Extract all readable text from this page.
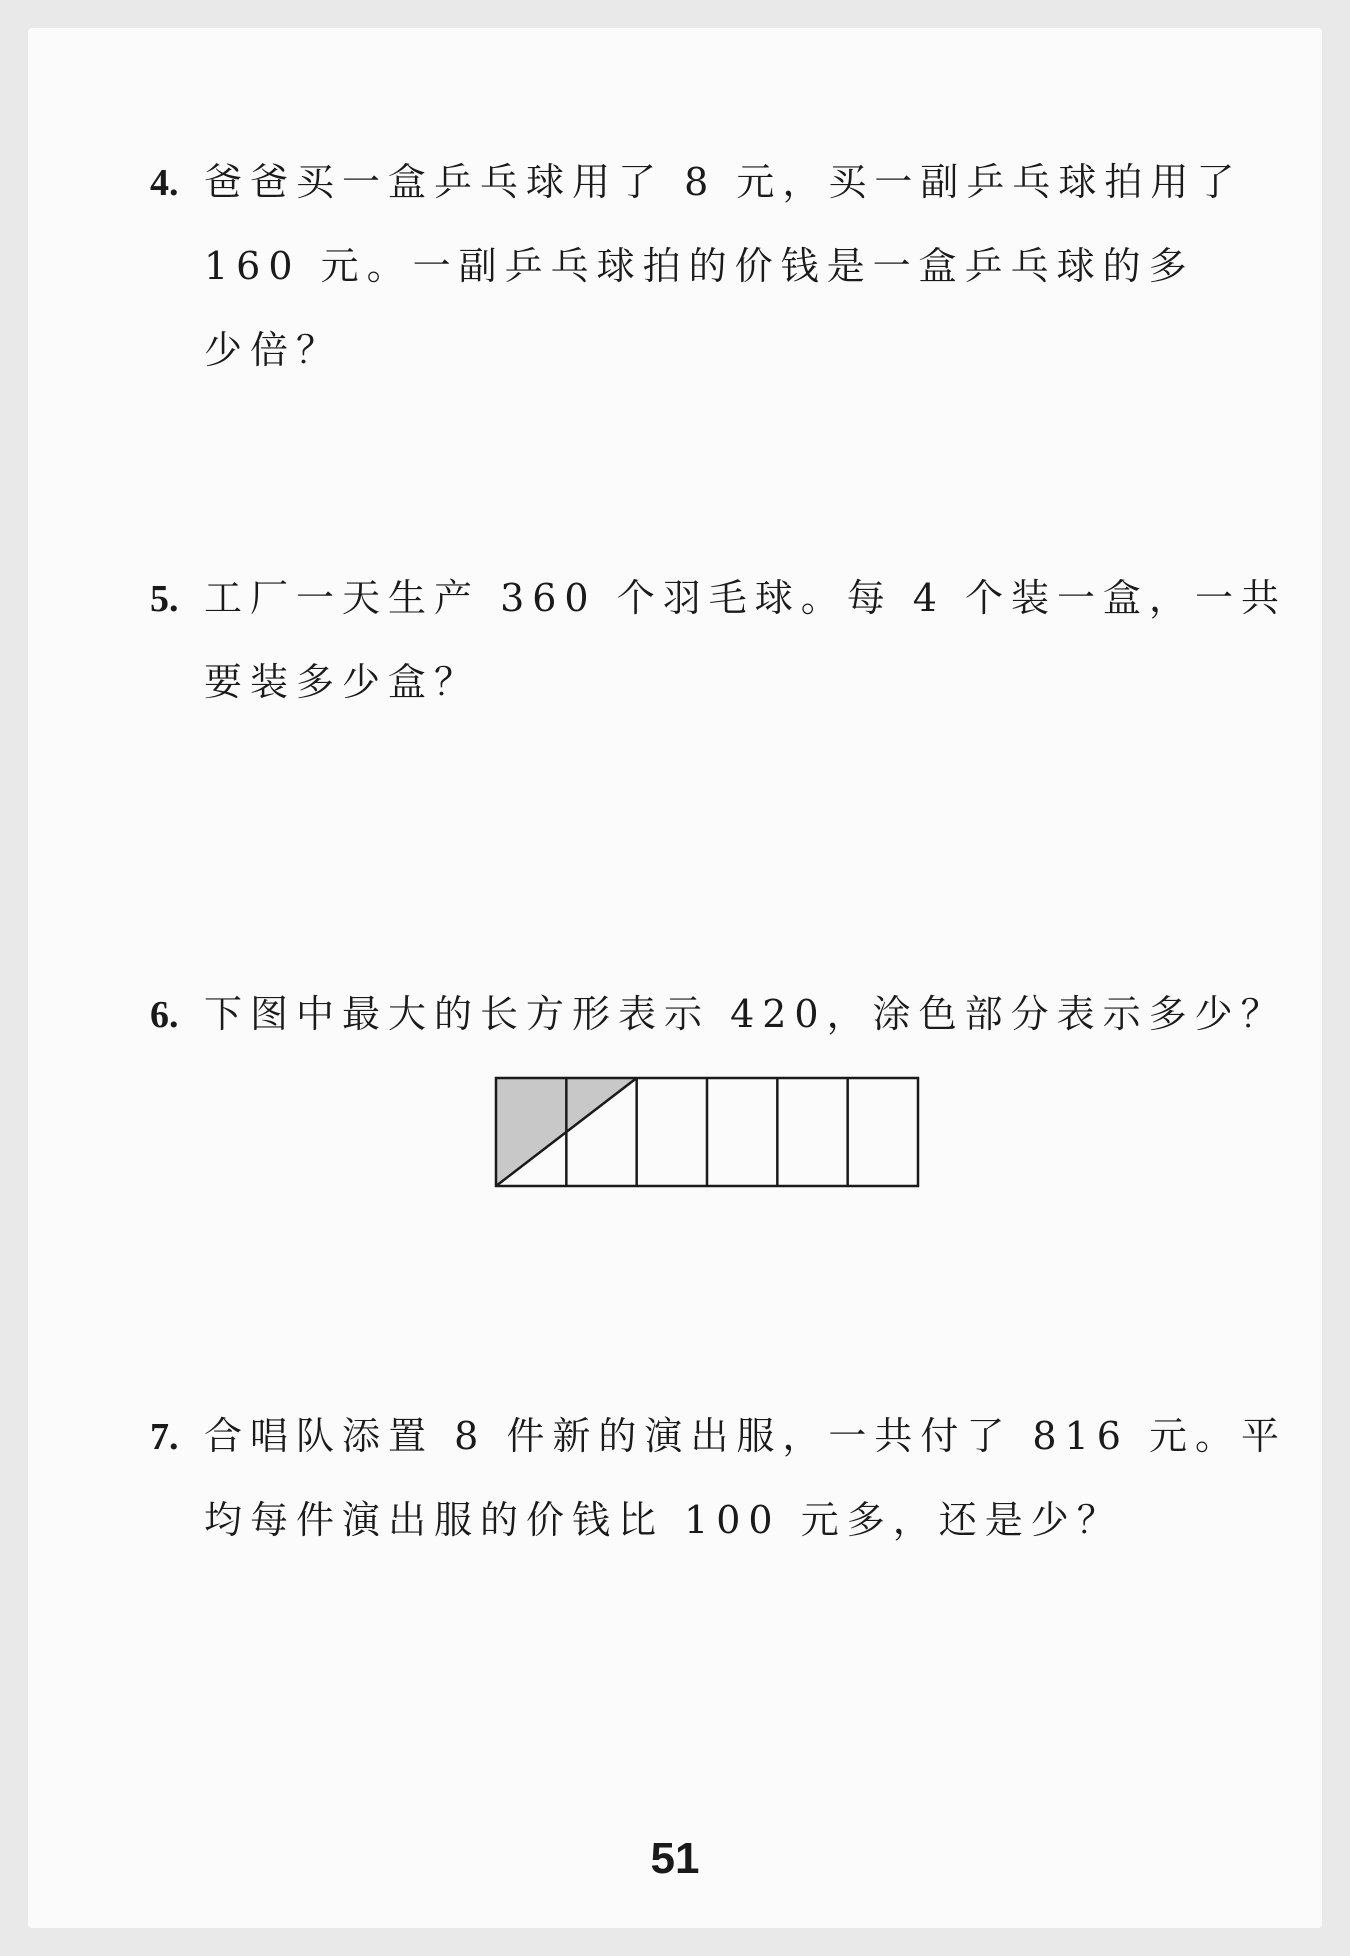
4. 爸爸买一盒乒乓球用了 8 元，买一副乒乓球拍用了
160 元。一副乒乓球拍的价钱是一盒乒乓球的多
少倍？
5. 工厂一天生产 360 个羽毛球。每 4 个装一盒，一共
要装多少盒？
6. 下图中最大的长方形表示 420，涂色部分表示多少？
7. 合唱队添置 8 件新的演出服，一共付了 816 元。平
均每件演出服的价钱比 100 元多，还是少？
51
